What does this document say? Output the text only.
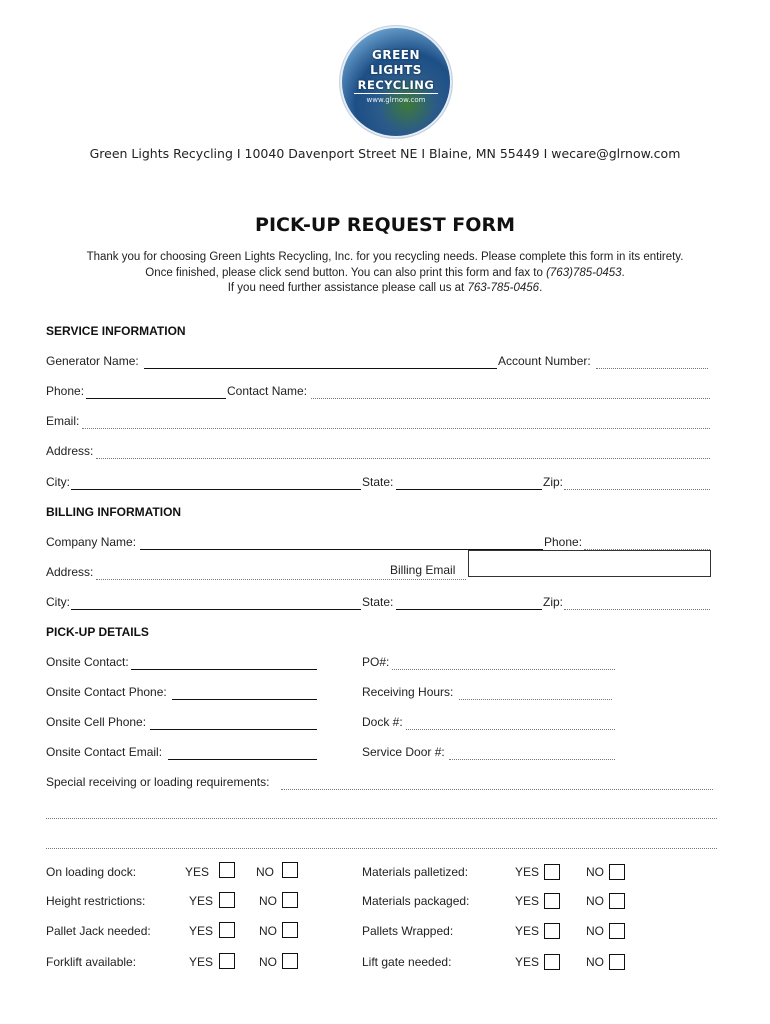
GREEN
LIGHTS
RECYCLING
www.glrnow.com
Green Lights Recycling I 10040 Davenport Street NE I Blaine, MN 55449 I wecare@glrnow.com
PICK-UP REQUEST FORM
Thank you for choosing Green Lights Recycling, Inc. for you recycling needs. Please complete this form in its entirety.
Once finished, please click send button. You can also print this form and fax to (763)785-0453.
If you need further assistance please call us at 763-785-0456.
SERVICE INFORMATION
Generator Name:	Account Number:
Phone:	Contact Name:
Email:
Address:
City:	State:	Zip:
BILLING INFORMATION
Company Name:	Phone:
Address:	Billing Email
City:	State:	Zip:
PICK-UP DETAILS
Onsite Contact:	PO#:
Onsite Contact Phone:	Receiving Hours:
Onsite Cell Phone:	Dock #:
Onsite Contact Email:	Service Door #:
Special receiving or loading requirements:
On loading dock:	YES	NO
Height restrictions:	YES	NO
Pallet Jack needed:	YES	NO
Forklift available:	YES	NO
Materials palletized:	YES	NO
Materials packaged:	YES	NO
Pallets Wrapped:	YES	NO
Lift gate needed:	YES	NO
